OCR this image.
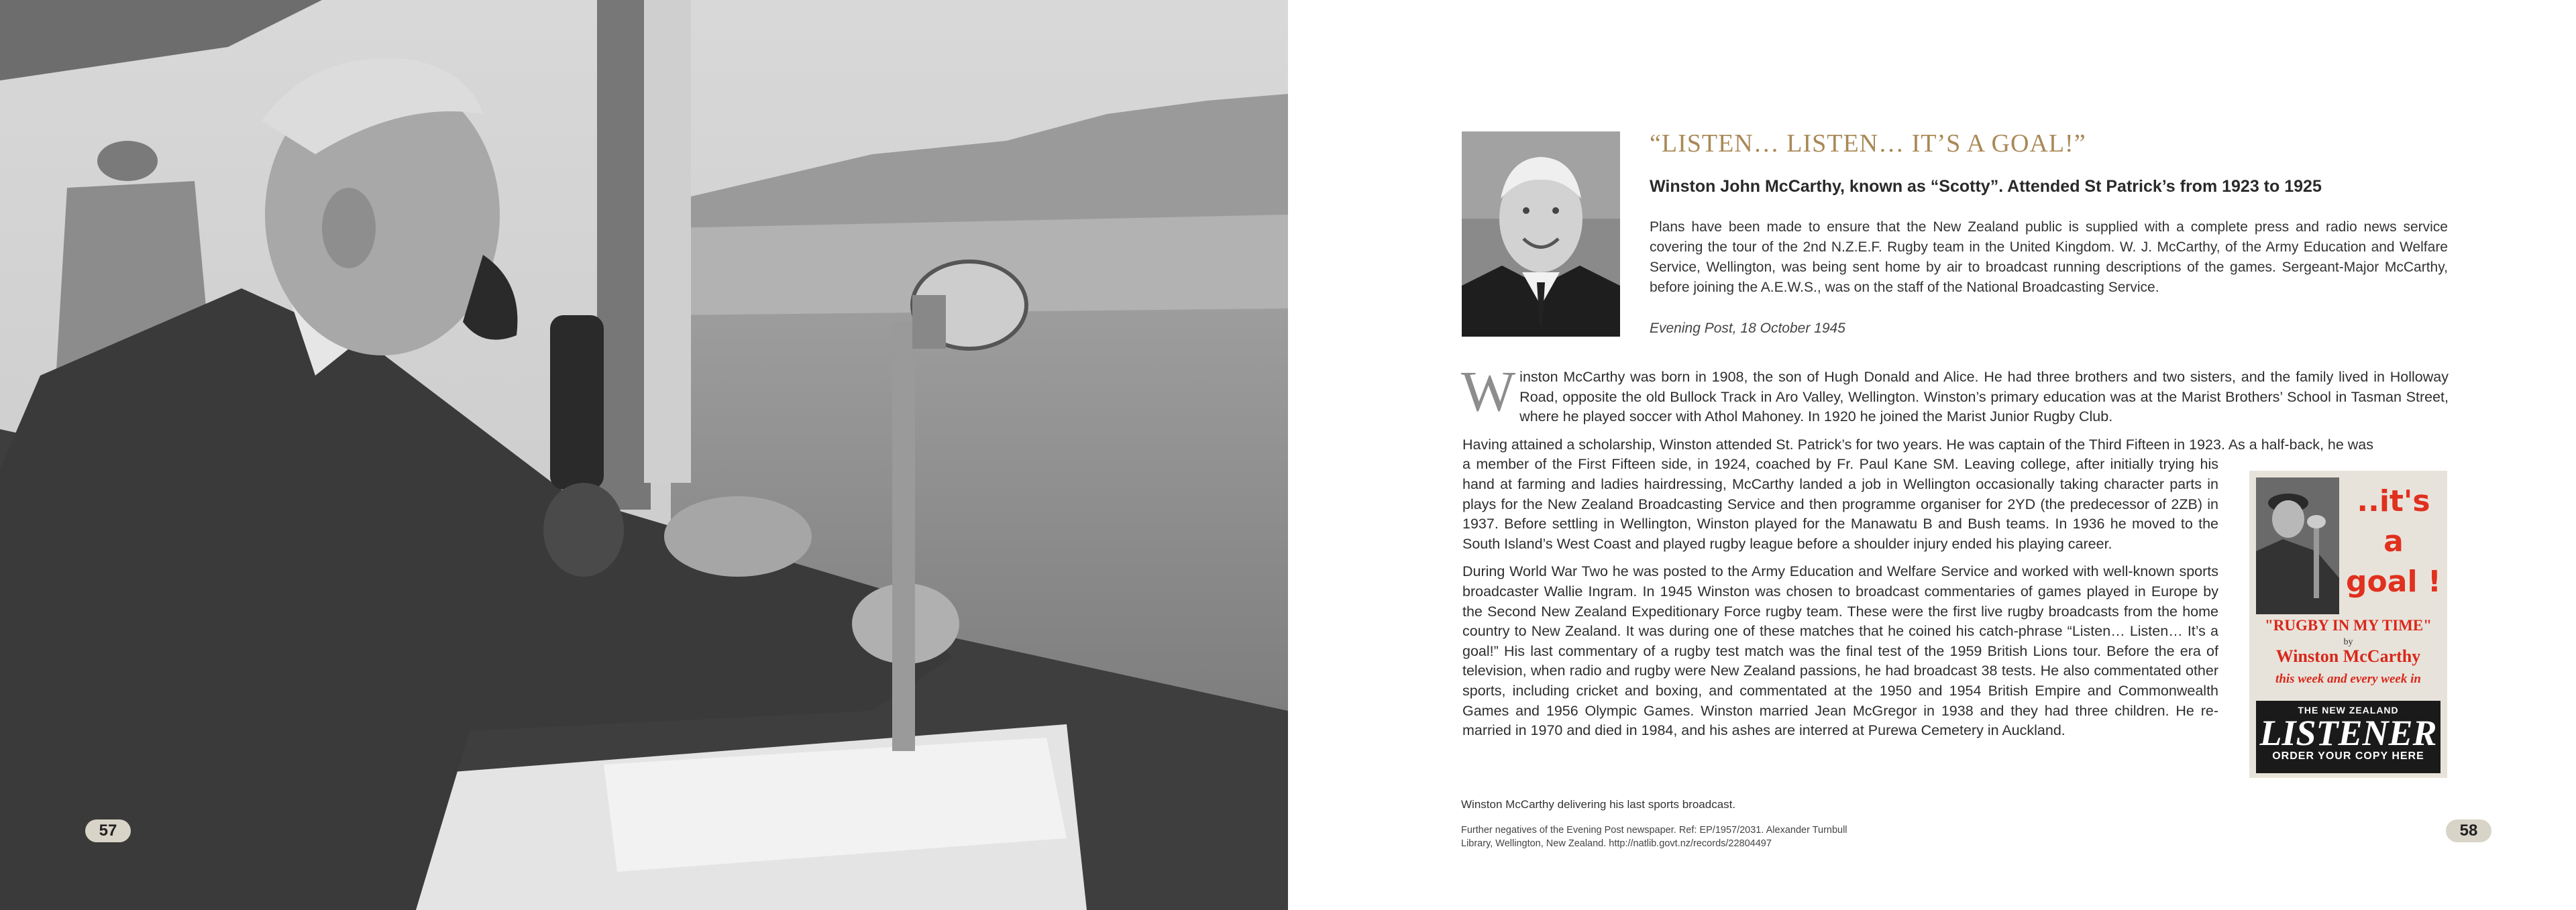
57
“LISTEN… LISTEN… IT’S A GOAL!”
Winston John McCarthy, known as “Scotty”. Attended St Patrick’s from 1923 to 1925
Plans have been made to ensure that the New Zealand public is supplied with a complete press and radio news service covering the tour of the 2nd N.Z.E.F. Rugby team in the United Kingdom. W. J. McCarthy, of the Army Education and Welfare Service, Wellington, was being sent home by air to broadcast running descriptions of the games. Sergeant-Major McCarthy, before joining the A.E.W.S., was on the staff of the National Broadcasting Service.
Evening Post, 18 October 1945

Winston McCarthy was born in 1908, the son of Hugh Donald and Alice. He had three brothers and two sisters, and the family lived in Holloway Road, opposite the old Bullock Track in Aro Valley, Wellington. Winston’s primary education was at the Marist Brothers’ School in Tasman Street, where he played soccer with Athol Mahoney. In 1920 he joined the Marist Junior Rugby Club.

Having attained a scholarship, Winston attended St. Patrick’s for two years. He was captain of the Third Fifteen in 1923. As a half-back, he was

a member of the First Fifteen side, in 1924, coached by Fr. Paul Kane SM. Leaving college, after initially trying his hand at farming and ladies hairdressing, McCarthy landed a job in Wellington occasionally taking character parts in plays for the New Zealand Broadcasting Service and then programme organiser for 2YD (the predecessor of 2ZB) in 1937. Before settling in Wellington, Winston played for the Manawatu B and Bush teams. In 1936 he moved to the South Island’s West Coast and played rugby league before a shoulder injury ended his playing career.

During World War Two he was posted to the Army Education and Welfare Service and worked with well-known sports broadcaster Wallie Ingram. In 1945 Winston was chosen to broadcast commentaries of games played in Europe by the Second New Zealand Expeditionary Force rugby team. These were the first live rugby broadcasts from the home country to New Zealand. It was during one of these matches that he coined his catch-phrase “Listen… Listen… It’s a goal!” His last commentary of a rugby test match was the final test of the 1959 British Lions tour. Before the era of television, when radio and rugby were New Zealand passions, he had broadcast 38 tests. He also commentated other sports, including cricket and boxing, and commentated at the 1950 and 1954 British Empire and Commonwealth Games and 1956 Olympic Games. Winston married Jean McGregor in 1938 and they had three children. He re-married in 1970 and died in 1984, and his ashes are interred at Purewa Cemetery in Auckland.

..it's
a
goal !
"RUGBY IN MY TIME"
by
Winston McCarthy
this week and every week in
THE NEW ZEALAND
LISTENER
ORDER YOUR COPY HERE
Winston McCarthy delivering his last sports broadcast.
Further negatives of the Evening Post newspaper. Ref: EP/1957/2031. Alexander Turnbull Library, Wellington, New Zealand. http://natlib.govt.nz/records/22804497
58
